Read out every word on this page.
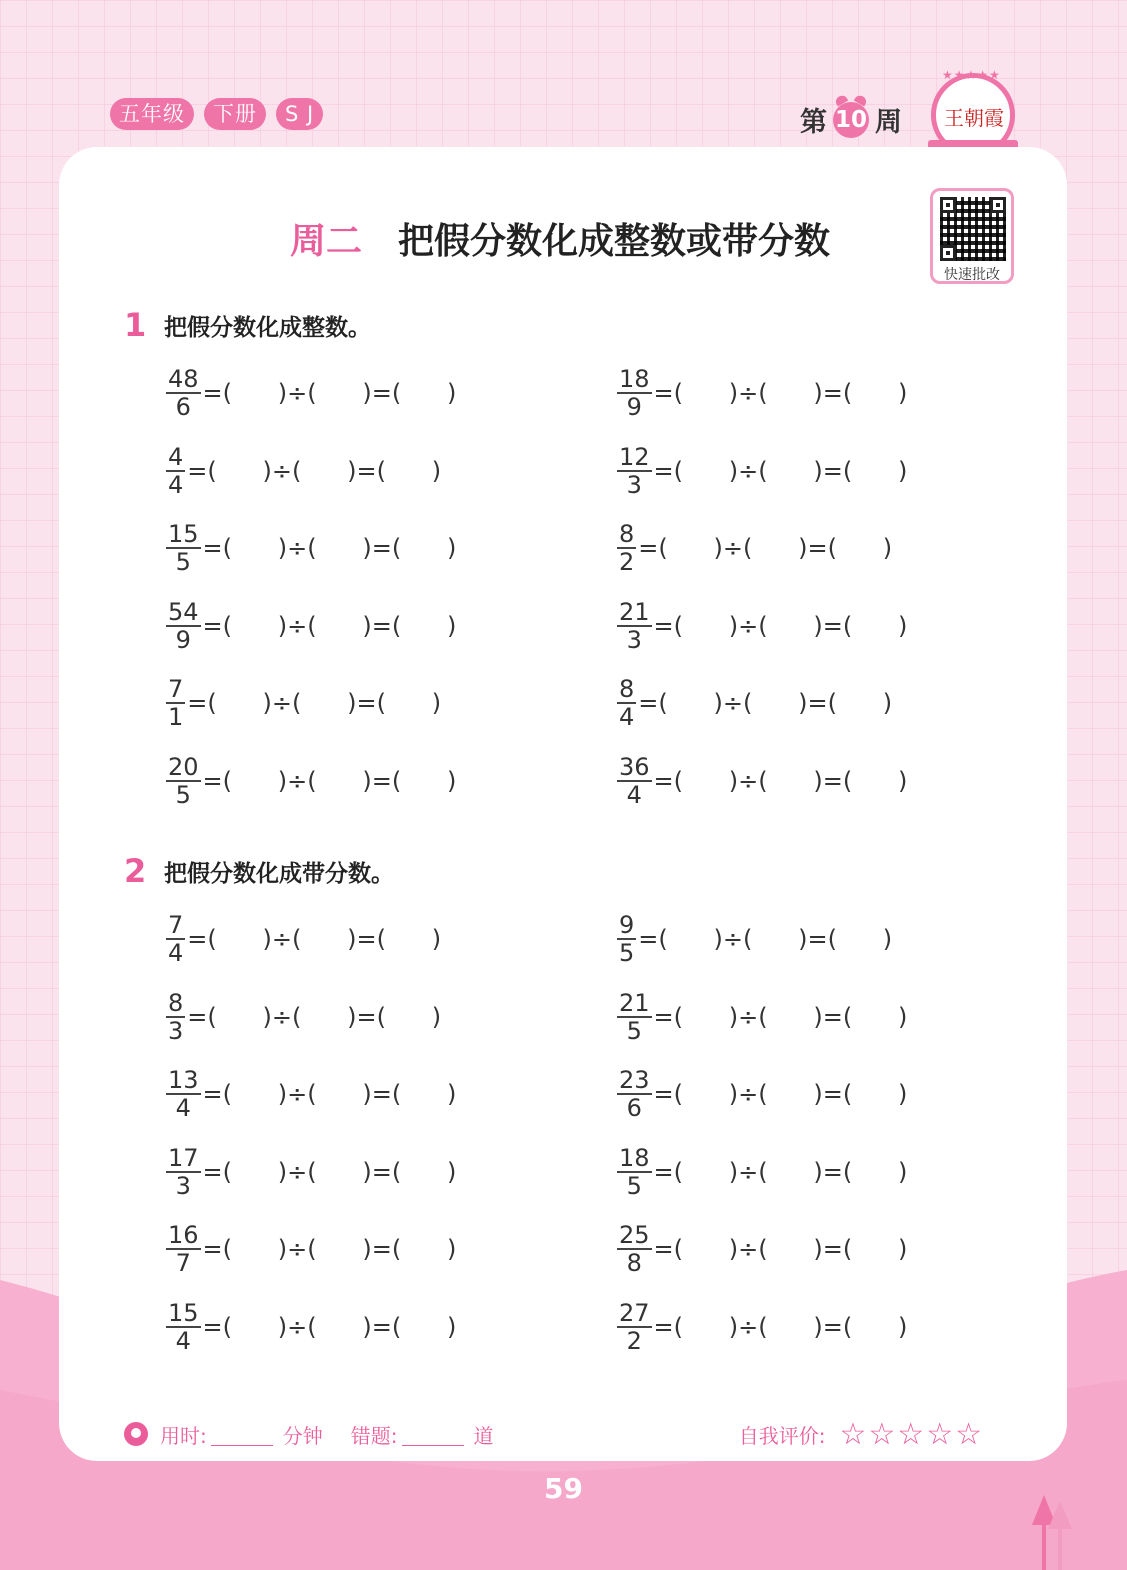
五年级	下册	S J	第 10 周
★★★★★
王朝霞
快速批改
周二 把假分数化成整数或带分数
1 把假分数化成整数。
$\frac{48}{6}$ =(      )÷(      )=(      )	$\frac{18}{9}$ =(      )÷(      )=(      )
$\frac{4}{4}$ =(      )÷(      )=(      )	$\frac{12}{3}$ =(      )÷(      )=(      )
$\frac{15}{5}$ =(      )÷(      )=(      )	$\frac{8}{2}$ =(      )÷(      )=(      )
$\frac{54}{9}$ =(      )÷(      )=(      )	$\frac{21}{3}$ =(      )÷(      )=(      )
$\frac{7}{1}$ =(      )÷(      )=(      )	$\frac{8}{4}$ =(      )÷(      )=(      )
$\frac{20}{5}$ =(      )÷(      )=(      )	$\frac{36}{4}$ =(      )÷(      )=(      )
2 把假分数化成带分数。
$\frac{7}{4}$ =(      )÷(      )=(      )	$\frac{9}{5}$ =(      )÷(      )=(      )
$\frac{8}{3}$ =(      )÷(      )=(      )	$\frac{21}{5}$ =(      )÷(      )=(      )
$\frac{13}{4}$ =(      )÷(      )=(      )	$\frac{23}{6}$ =(      )÷(      )=(      )
$\frac{17}{3}$ =(      )÷(      )=(      )	$\frac{18}{5}$ =(      )÷(      )=(      )
$\frac{16}{7}$ =(      )÷(      )=(      )	$\frac{25}{8}$ =(      )÷(      )=(      )
$\frac{15}{4}$ =(      )÷(      )=(      )	$\frac{27}{2}$ =(      )÷(      )=(      )
用时:	分钟 错题:	道	自我评价: ☆☆☆☆☆
59
